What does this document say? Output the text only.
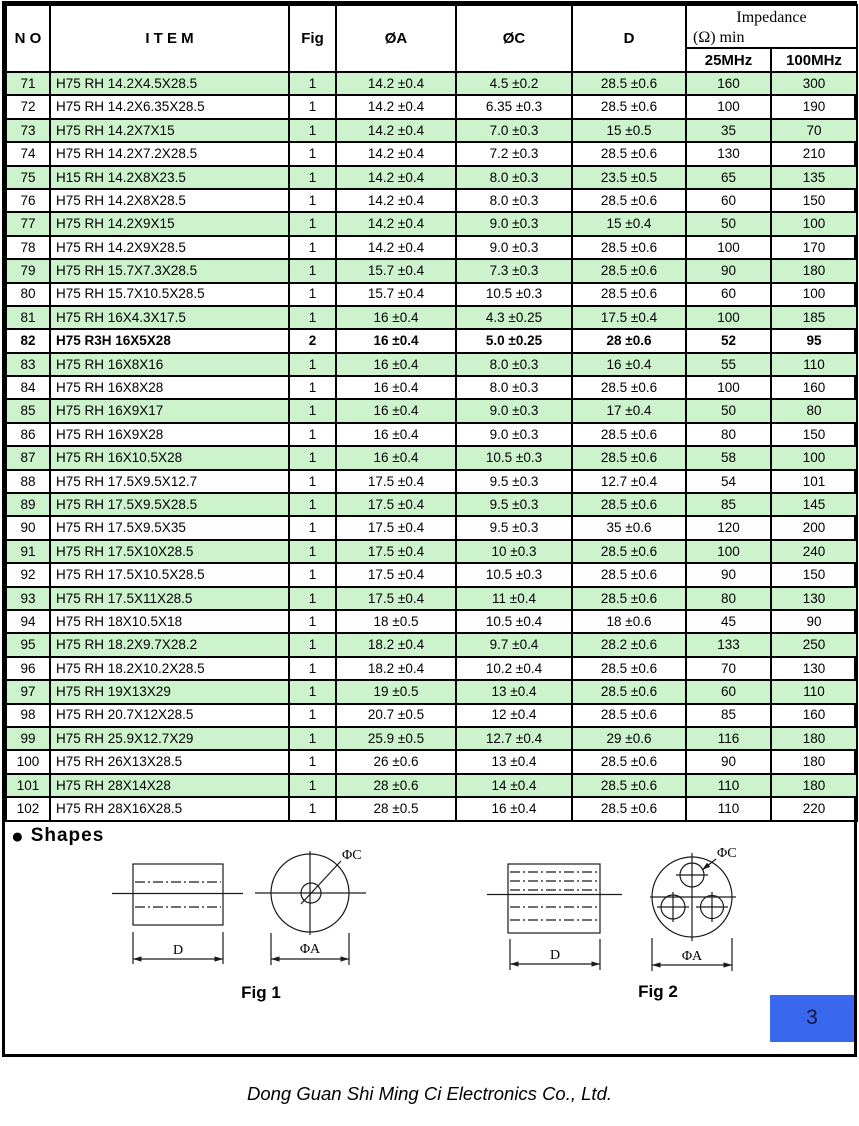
N O	I T E M	Fig	ØA	ØC	D	Impedance
(Ω) min	

						25MHz	100MHz
71	H75 RH 14.2X4.5X28.5	1	14.2 ±0.4	4.5 ±0.2	28.5 ±0.6	160	300
72	H75 RH 14.2X6.35X28.5	1	14.2 ±0.4	6.35 ±0.3	28.5 ±0.6	100	190
73	H75 RH 14.2X7X15	1	14.2 ±0.4	7.0 ±0.3	15 ±0.5	35	70
74	H75 RH 14.2X7.2X28.5	1	14.2 ±0.4	7.2 ±0.3	28.5 ±0.6	130	210
75	H15 RH 14.2X8X23.5	1	14.2 ±0.4	8.0 ±0.3	23.5 ±0.5	65	135
76	H75 RH 14.2X8X28.5	1	14.2 ±0.4	8.0 ±0.3	28.5 ±0.6	60	150
77	H75 RH 14.2X9X15	1	14.2 ±0.4	9.0 ±0.3	15 ±0.4	50	100
78	H75 RH 14.2X9X28.5	1	14.2 ±0.4	9.0 ±0.3	28.5 ±0.6	100	170
79	H75 RH 15.7X7.3X28.5	1	15.7 ±0.4	7.3 ±0.3	28.5 ±0.6	90	180
80	H75 RH 15.7X10.5X28.5	1	15.7 ±0.4	10.5 ±0.3	28.5 ±0.6	60	100
81	H75 RH 16X4.3X17.5	1	16 ±0.4	4.3 ±0.25	17.5 ±0.4	100	185
82	H75 R3H 16X5X28	2	16 ±0.4	5.0 ±0.25	28 ±0.6	52	95
83	H75 RH 16X8X16	1	16 ±0.4	8.0 ±0.3	16 ±0.4	55	110
84	H75 RH 16X8X28	1	16 ±0.4	8.0 ±0.3	28.5 ±0.6	100	160
85	H75 RH 16X9X17	1	16 ±0.4	9.0 ±0.3	17 ±0.4	50	80
86	H75 RH 16X9X28	1	16 ±0.4	9.0 ±0.3	28.5 ±0.6	80	150
87	H75 RH 16X10.5X28	1	16 ±0.4	10.5 ±0.3	28.5 ±0.6	58	100
88	H75 RH 17.5X9.5X12.7	1	17.5 ±0.4	9.5 ±0.3	12.7 ±0.4	54	101
89	H75 RH 17.5X9.5X28.5	1	17.5 ±0.4	9.5 ±0.3	28.5 ±0.6	85	145
90	H75 RH 17.5X9.5X35	1	17.5 ±0.4	9.5 ±0.3	35 ±0.6	120	200
91	H75 RH 17.5X10X28.5	1	17.5 ±0.4	10 ±0.3	28.5 ±0.6	100	240
92	H75 RH 17.5X10.5X28.5	1	17.5 ±0.4	10.5 ±0.3	28.5 ±0.6	90	150
93	H75 RH 17.5X11X28.5	1	17.5 ±0.4	11 ±0.4	28.5 ±0.6	80	130
94	H75 RH 18X10.5X18	1	18 ±0.5	10.5 ±0.4	18 ±0.6	45	90
95	H75 RH 18.2X9.7X28.2	1	18.2 ±0.4	9.7 ±0.4	28.2 ±0.6	133	250
96	H75 RH 18.2X10.2X28.5	1	18.2 ±0.4	10.2 ±0.4	28.5 ±0.6	70	130
97	H75 RH 19X13X29	1	19 ±0.5	13 ±0.4	28.5 ±0.6	60	110
98	H75 RH 20.7X12X28.5	1	20.7 ±0.5	12 ±0.4	28.5 ±0.6	85	160
99	H75 RH 25.9X12.7X29	1	25.9 ±0.5	12.7 ±0.4	29 ±0.6	116	180
100	H75 RH 26X13X28.5	1	26 ±0.6	13 ±0.4	28.5 ±0.6	90	180
101	H75 RH 28X14X28	1	28 ±0.6	14 ±0.4	28.5 ±0.6	110	180
102	H75 RH 28X16X28.5	1	28 ±0.5	16 ±0.4	28.5 ±0.6	110	220
● Shapes
D
ΦC
ΦA
Fig 1
D
ΦC
ΦA
Fig 2
3
Dong Guan Shi Ming Ci Electronics Co., Ltd.
